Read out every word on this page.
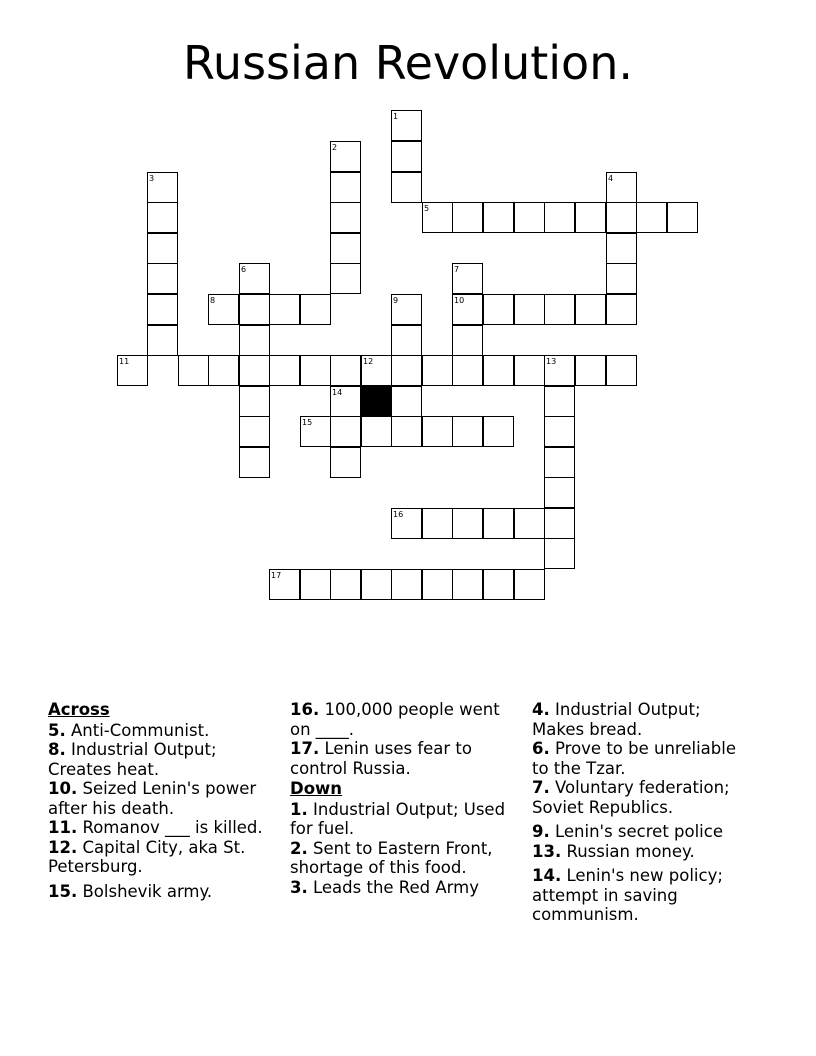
Russian Revolution.
1
2
3
5
4
6
8
7
10
9
11	12	13
14
15
16
17
Across
5. Anti-Communist.
8. Industrial Output; Creates heat.
10. Seized Lenin's power after his death.
11. Romanov ___ is killed.
12. Capital City, aka St. Petersburg.
15. Bolshevik army.
16. 100,000 people went on ____.
17. Lenin uses fear to control Russia.
Down
1. Industrial Output; Used for fuel.
2. Sent to Eastern Front, shortage of this food.
3. Leads the Red Army
4. Industrial Output; Makes bread.
6. Prove to be unreliable to the Tzar.
7. Voluntary federation; Soviet Republics.
9. Lenin's secret police
13. Russian money.
14. Lenin's new policy; attempt in saving communism.
